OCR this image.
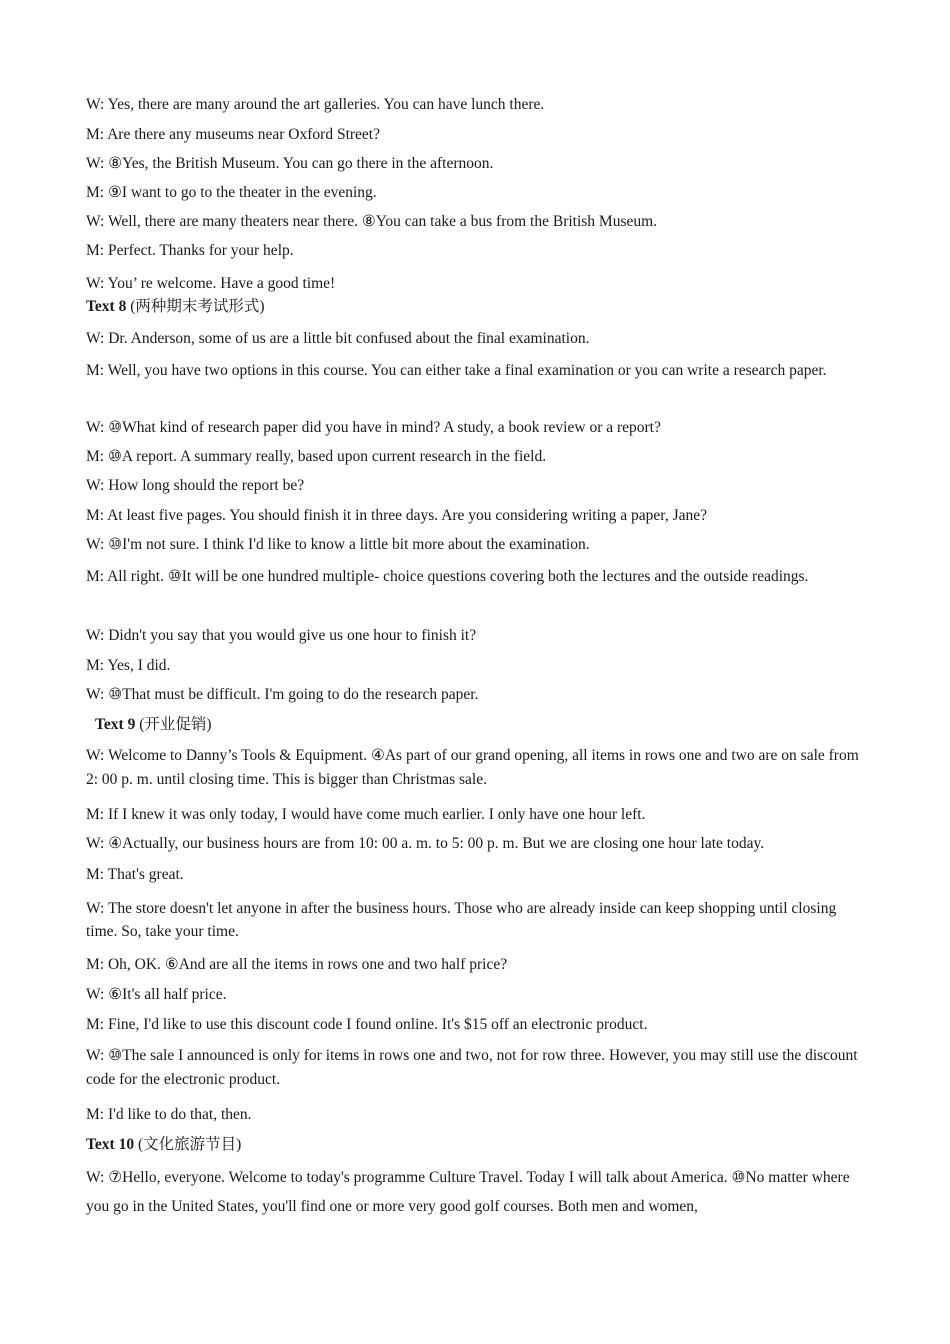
W: Yes, there are many around the art galleries. You can have lunch there.
M: Are there any museums near Oxford Street?
W: ⑧Yes, the British Museum. You can go there in the afternoon.
M: ⑨I want to go to the theater in the evening.
W: Well, there are many theaters near there. ⑧You can take a bus from the British Museum.
M: Perfect. Thanks for your help.
W: You’ re welcome. Have a good time!
Text 8 (两种期末考试形式)
W: Dr. Anderson, some of us are a little bit confused about the final examination.
M: Well, you have two options in this course. You can either take a final examination or you can write a research paper.
W: ⑩What kind of research paper did you have in mind? A study, a book review or a report?
M: ⑩A report. A summary really, based upon current research in the field.
W: How long should the report be?
M: At least five pages. You should finish it in three days. Are you considering writing a paper, Jane?
W: ⑩I'm not sure. I think I'd like to know a little bit more about the examination.
M: All right. ⑩It will be one hundred multiple- choice questions covering both the lectures and the outside readings.
W: Didn't you say that you would give us one hour to finish it?
M: Yes, I did.
W: ⑩That must be difficult. I'm going to do the research paper.
Text 9 (开业促销)
W: Welcome to Danny’s Tools & Equipment. ④As part of our grand opening, all items in rows one and two are on sale from 2: 00 p. m. until closing time. This is bigger than Christmas sale.
M: If I knew it was only today, I would have come much earlier. I only have one hour left.
W: ④Actually, our business hours are from 10: 00 a. m. to 5: 00 p. m. But we are closing one hour late today.
M: That's great.
W: The store doesn't let anyone in after the business hours. Those who are already inside can keep shopping until closing time. So, take your time.
M: Oh, OK. ⑥And are all the items in rows one and two half price?
W: ⑥It's all half price.
M: Fine, I'd like to use this discount code I found online. It's $15 off an electronic product.
W: ⑩The sale I announced is only for items in rows one and two, not for row three. However, you may still use the discount code for the electronic product.
M: I'd like to do that, then.
Text 10 (文化旅游节目)
W: ⑦Hello, everyone. Welcome to today's programme Culture Travel. Today I will talk about America. ⑩No matter where you go in the United States, you'll find one or more very good golf courses. Both men and women,
